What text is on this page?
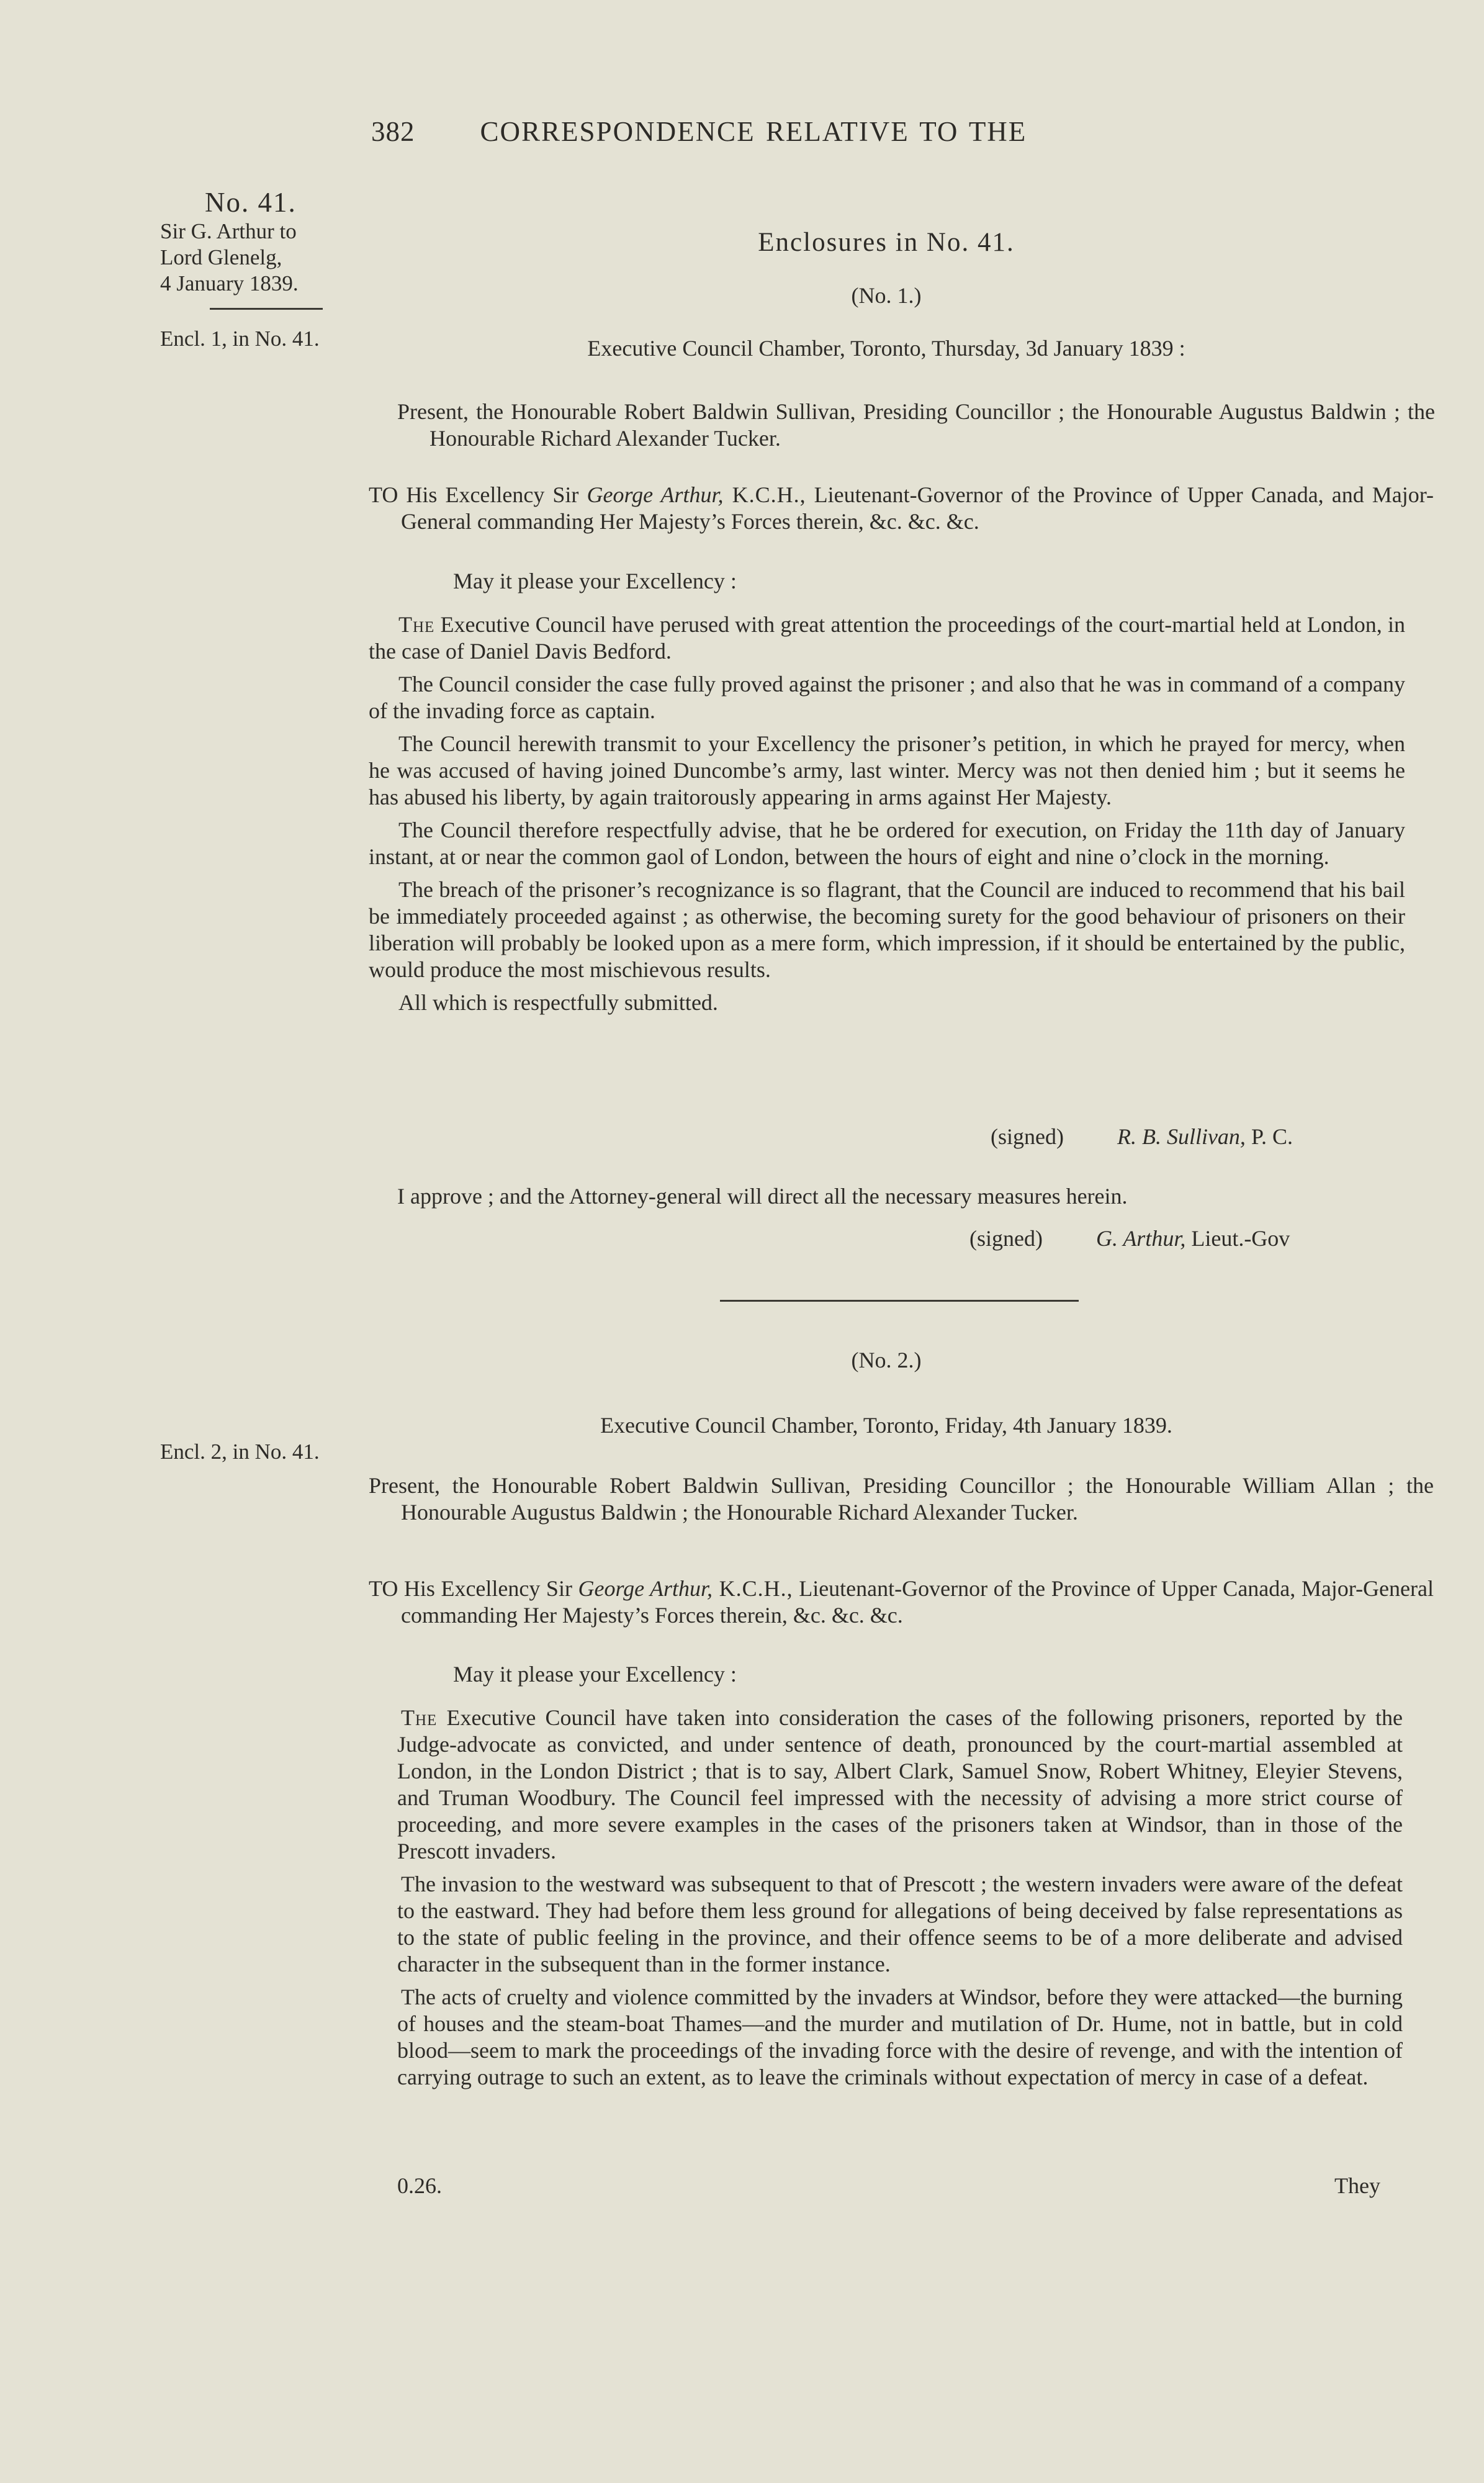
382 CORRESPONDENCE RELATIVE TO THE
No. 41.
Sir G. Arthur to
Lord Glenelg,
4 January 1839.
Encl. 1, in No. 41.
Encl. 2, in No. 41.
Enclosures in No. 41.
(No. 1.)
Executive Council Chamber, Toronto, Thursday, 3d January 1839 :
Present, the Honourable Robert Baldwin Sullivan, Presiding Councillor ; the Honourable Augustus Baldwin ; the Honourable Richard Alexander Tucker.
TO His Excellency Sir George Arthur, K.C.H., Lieutenant-Governor of the Province of Upper Canada, and Major-General commanding Her Majesty’s Forces therein, &c. &c. &c.
May it please your Excellency :

The Executive Council have perused with great attention the proceedings of the court-martial held at London, in the case of Daniel Davis Bedford.

The Council consider the case fully proved against the prisoner ; and also that he was in command of a company of the invading force as captain.

The Council herewith transmit to your Excellency the prisoner’s petition, in which he prayed for mercy, when he was accused of having joined Duncombe’s army, last winter. Mercy was not then denied him ; but it seems he has abused his liberty, by again traitorously appearing in arms against Her Majesty.

The Council therefore respectfully advise, that he be ordered for execution, on Friday the 11th day of January instant, at or near the common gaol of London, between the hours of eight and nine o’clock in the morning.

The breach of the prisoner’s recognizance is so flagrant, that the Council are induced to recommend that his bail be immediately proceeded against ; as otherwise, the becoming surety for the good behaviour of prisoners on their liberation will probably be looked upon as a mere form, which impression, if it should be entertained by the public, would produce the most mischievous results.

All which is respectfully submitted.

(signed) R. B. Sullivan, P. C.
I approve ; and the Attorney-general will direct all the necessary measures herein.
(signed) G. Arthur, Lieut.-Gov
(No. 2.)
Executive Council Chamber, Toronto, Friday, 4th January 1839.
Present, the Honourable Robert Baldwin Sullivan, Presiding Councillor ; the Honourable William Allan ; the Honourable Augustus Baldwin ; the Honourable Richard Alexander Tucker.
TO His Excellency Sir George Arthur, K.C.H., Lieutenant-Governor of the Province of Upper Canada, Major-General commanding Her Majesty’s Forces therein, &c. &c. &c.
May it please your Excellency :

The Executive Council have taken into consideration the cases of the following prisoners, reported by the Judge-advocate as convicted, and under sentence of death, pronounced by the court-martial assembled at London, in the London District ; that is to say, Albert Clark, Samuel Snow, Robert Whitney, Eleyier Stevens, and Truman Woodbury. The Council feel impressed with the necessity of advising a more strict course of proceeding, and more severe examples in the cases of the prisoners taken at Windsor, than in those of the Prescott invaders.

The invasion to the westward was subsequent to that of Prescott ; the western invaders were aware of the defeat to the eastward. They had before them less ground for allegations of being deceived by false representations as to the state of public feeling in the province, and their offence seems to be of a more deliberate and advised character in the subsequent than in the former instance.

The acts of cruelty and violence committed by the invaders at Windsor, before they were attacked—the burning of houses and the steam-boat Thames—and the murder and mutilation of Dr. Hume, not in battle, but in cold blood—seem to mark the proceedings of the invading force with the desire of revenge, and with the intention of carrying outrage to such an extent, as to leave the criminals without expectation of mercy in case of a defeat.

0.26.	They
